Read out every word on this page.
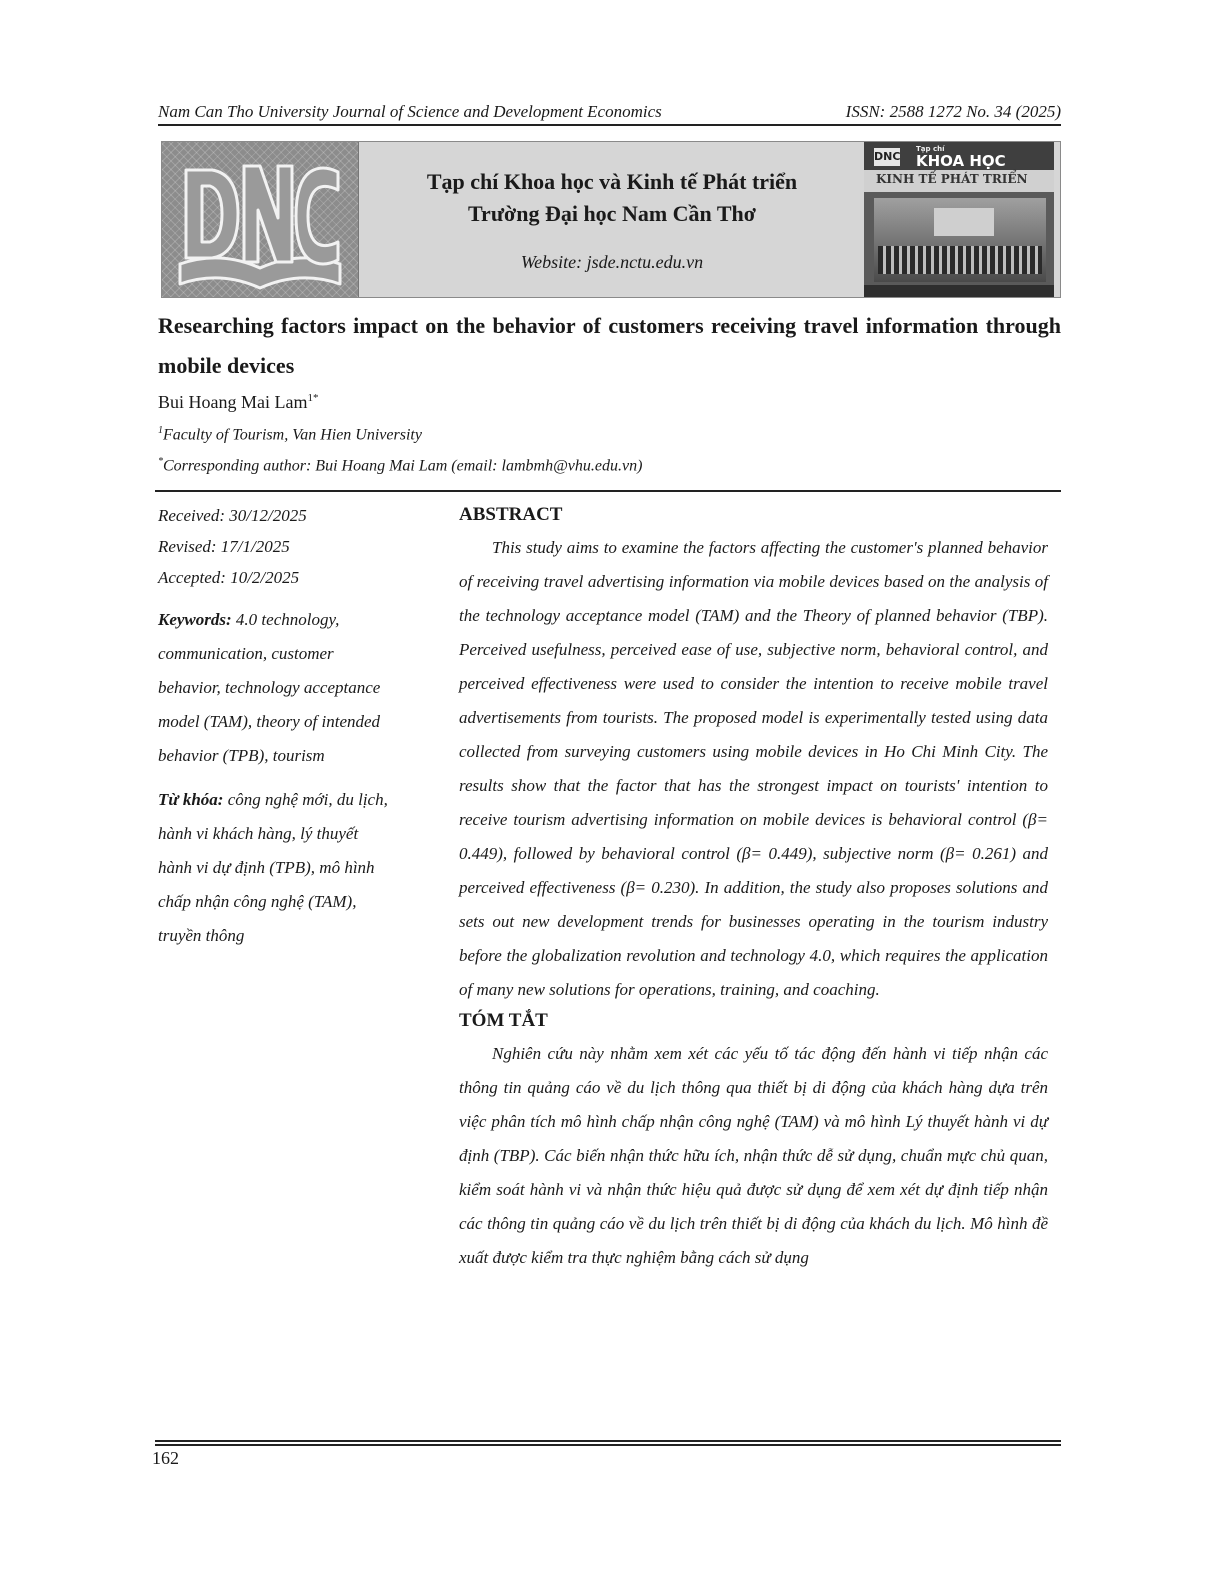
Nam Can Tho University Journal of Science and Development Economics	ISSN: 2588 1272 No. 34 (2025)
Tạp chí Khoa học và Kinh tế Phát triển
Trường Đại học Nam Cần Thơ
Website: jsde.nctu.edu.vn
DNC
Tạp chí
KHOA HỌC
KINH TẾ PHÁT TRIỂN
Researching factors impact on the behavior of customers receiving travel information through mobile devices
Bui Hoang Mai Lam$^{1*}$
$^1$Faculty of Tourism, Van Hien University
*Corresponding author: Bui Hoang Mai Lam (email: lambmh@vhu.edu.vn)
Received: 30/12/2025
Revised: 17/1/2025
Accepted: 10/2/2025
Keywords: 4.0 technology, communication, customer behavior, technology acceptance model (TAM), theory of intended behavior (TPB), tourism
Từ khóa: công nghệ mới, du lịch, hành vi khách hàng, lý thuyết hành vi dự định (TPB), mô hình chấp nhận công nghệ (TAM), truyền thông
ABSTRACT

This study aims to examine the factors affecting the customer's planned behavior of receiving travel advertising information via mobile devices based on the analysis of the technology acceptance model (TAM) and the Theory of planned behavior (TBP). Perceived usefulness, perceived ease of use, subjective norm, behavioral control, and perceived effectiveness were used to consider the intention to receive mobile travel advertisements from tourists. The proposed model is experimentally tested using data collected from surveying customers using mobile devices in Ho Chi Minh City. The results show that the factor that has the strongest impact on tourists' intention to receive tourism advertising information on mobile devices is behavioral control (β= 0.449), followed by behavioral control (β= 0.449), subjective norm (β= 0.261) and perceived effectiveness (β= 0.230). In addition, the study also proposes solutions and sets out new development trends for businesses operating in the tourism industry before the globalization revolution and technology 4.0, which requires the application of many new solutions for operations, training, and coaching.

TÓM TẮT

Nghiên cứu này nhằm xem xét các yếu tố tác động đến hành vi tiếp nhận các thông tin quảng cáo về du lịch thông qua thiết bị di động của khách hàng dựa trên việc phân tích mô hình chấp nhận công nghệ (TAM) và mô hình Lý thuyết hành vi dự định (TBP). Các biến nhận thức hữu ích, nhận thức dễ sử dụng, chuẩn mực chủ quan, kiểm soát hành vi và nhận thức hiệu quả được sử dụng để xem xét dự định tiếp nhận các thông tin quảng cáo về du lịch trên thiết bị di động của khách du lịch. Mô hình đề xuất được kiểm tra thực nghiệm bằng cách sử dụng

162
